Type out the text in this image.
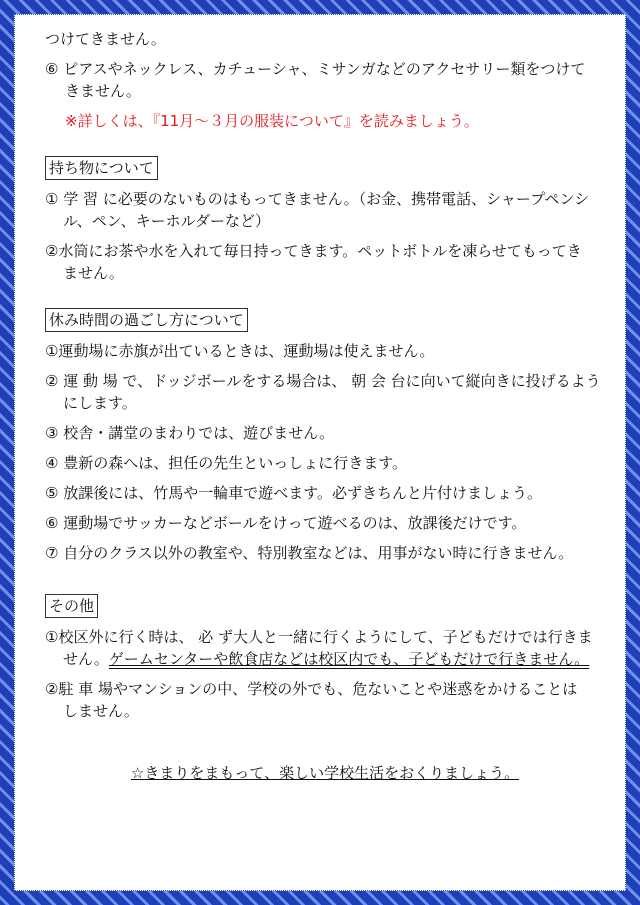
つけてきません。
⑥ ピアスやネックレス、カチューシャ、ミサンガなどのアクセサリー類をつけて
きません。
※詳しくは、『11月～３月の服装について』を読みましょう。
持ち物について
① 学 習 に必要のないものはもってきません。（お金、携帯電話、シャープペンシ
ル、ペン、キーホルダーなど）
②水筒にお茶や水を入れて毎日持ってきます。ペットボトルを凍らせてもってき
ません。
休み時間の過ごし方について
①運動場に赤旗が出ているときは、運動場は使えません。
② 運 動 場 で、ドッジボールをする場合は、 朝 会 台に向いて縦向きに投げるよう
にします。
③ 校舎・講堂のまわりでは、遊びません。
④ 豊新の森へは、担任の先生といっしょに行きます。
⑤ 放課後には、竹馬や一輪車で遊べます。必ずきちんと片付けましょう。
⑥ 運動場でサッカーなどボールをけって遊べるのは、放課後だけです。
⑦ 自分のクラス以外の教室や、特別教室などは、用事がない時に行きません。
その他
①校区外に行く時は、 必 ず大人と一緒に行くようにして、子どもだけでは行きま
せん。ゲームセンターや飲食店などは校区内でも、子どもだけで行きません。
②駐 車 場やマンションの中、学校の外でも、危ないことや迷惑をかけることは
しません。
☆きまりをまもって、楽しい学校生活をおくりましょう。
